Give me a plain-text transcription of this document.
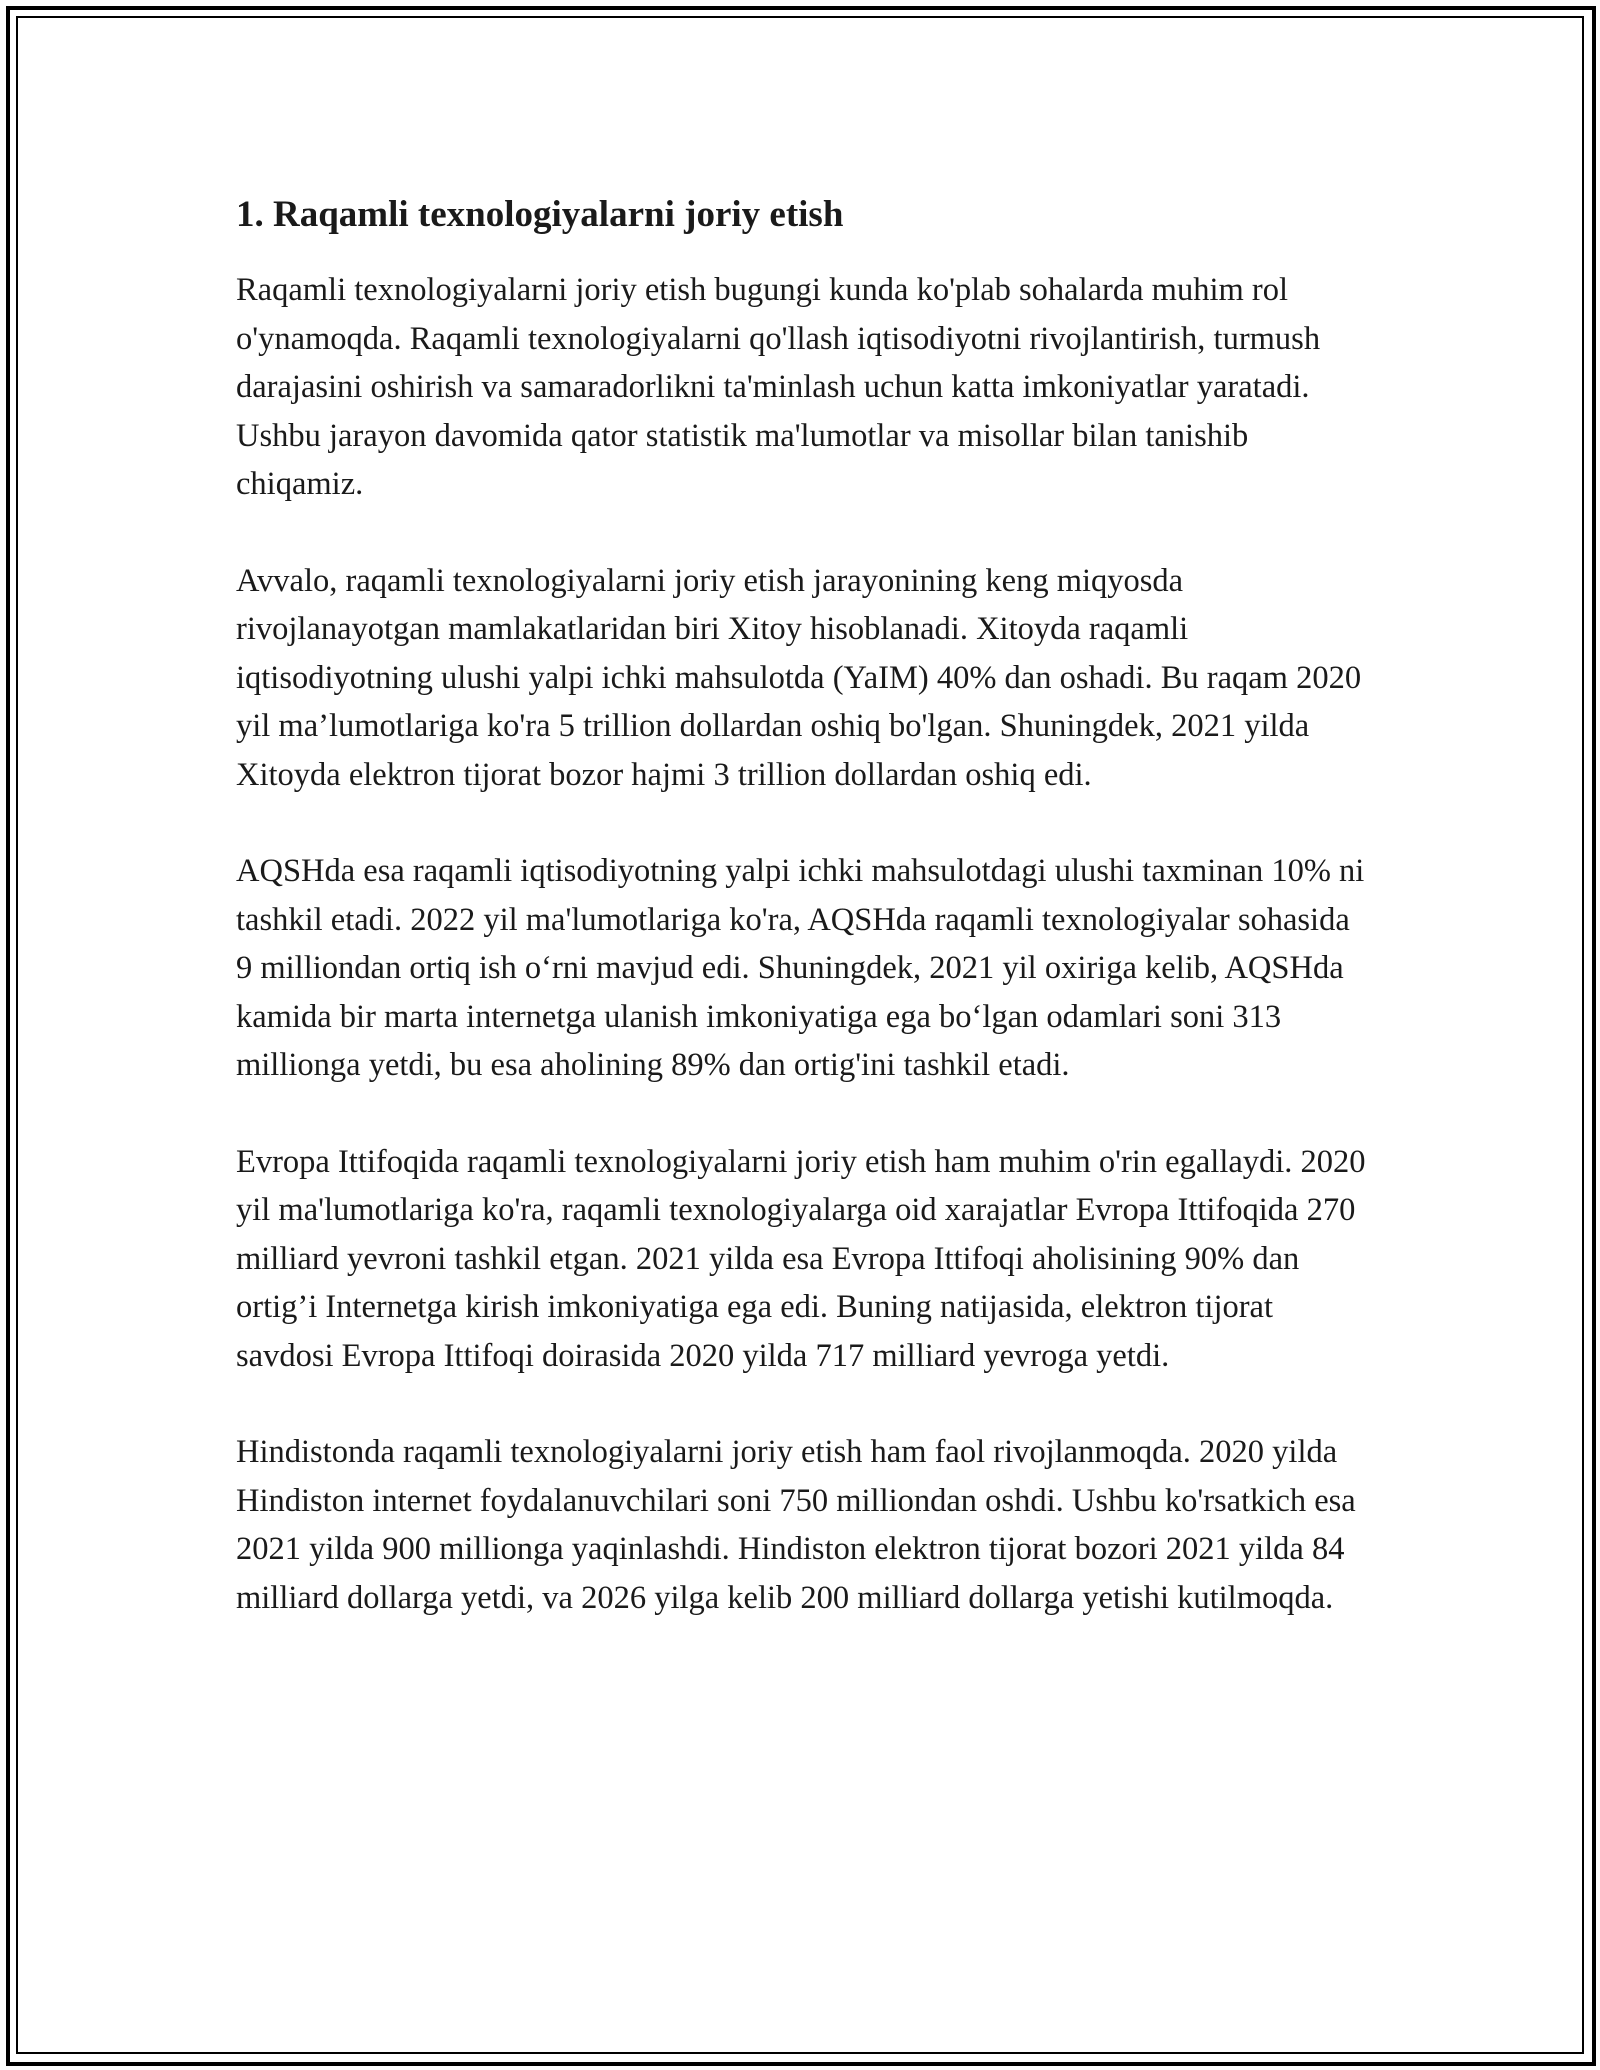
1. Raqamli texnologiyalarni joriy etish

Raqamli texnologiyalarni joriy etish bugungi kunda ko'plab sohalarda muhim rol o'ynamoqda. Raqamli texnologiyalarni qo'llash iqtisodiyotni rivojlantirish, turmush darajasini oshirish va samaradorlikni ta'minlash uchun katta imkoniyatlar yaratadi. Ushbu jarayon davomida qator statistik ma'lumotlar va misollar bilan tanishib chiqamiz.

Avvalo, raqamli texnologiyalarni joriy etish jarayonining keng miqyosda rivojlanayotgan mamlakatlaridan biri Xitoy hisoblanadi. Xitoyda raqamli iqtisodiyotning ulushi yalpi ichki mahsulotda (YaIM) 40% dan oshadi. Bu raqam 2020 yil ma’lumotlariga ko'ra 5 trillion dollardan oshiq bo'lgan. Shuningdek, 2021 yilda Xitoyda elektron tijorat bozor hajmi 3 trillion dollardan oshiq edi.

AQSHda esa raqamli iqtisodiyotning yalpi ichki mahsulotdagi ulushi taxminan 10% ni tashkil etadi. 2022 yil ma'lumotlariga ko'ra, AQSHda raqamli texnologiyalar sohasida 9 milliondan ortiq ish o‘rni mavjud edi. Shuningdek, 2021 yil oxiriga kelib, AQSHda kamida bir marta internetga ulanish imkoniyatiga ega bo‘lgan odamlari soni 313 millionga yetdi, bu esa aholining 89% dan ortig'ini tashkil etadi.

Evropa Ittifoqida raqamli texnologiyalarni joriy etish ham muhim o'rin egallaydi. 2020 yil ma'lumotlariga ko'ra, raqamli texnologiyalarga oid xarajatlar Evropa Ittifoqida 270 milliard yevroni tashkil etgan. 2021 yilda esa Evropa Ittifoqi aholisining 90% dan ortig’i Internetga kirish imkoniyatiga ega edi. Buning natijasida, elektron tijorat savdosi Evropa Ittifoqi doirasida 2020 yilda 717 milliard yevroga yetdi.

Hindistonda raqamli texnologiyalarni joriy etish ham faol rivojlanmoqda. 2020 yilda Hindiston internet foydalanuvchilari soni 750 milliondan oshdi. Ushbu ko'rsatkich esa 2021 yilda 900 millionga yaqinlashdi. Hindiston elektron tijorat bozori 2021 yilda 84 milliard dollarga yetdi, va 2026 yilga kelib 200 milliard dollarga yetishi kutilmoqda.
